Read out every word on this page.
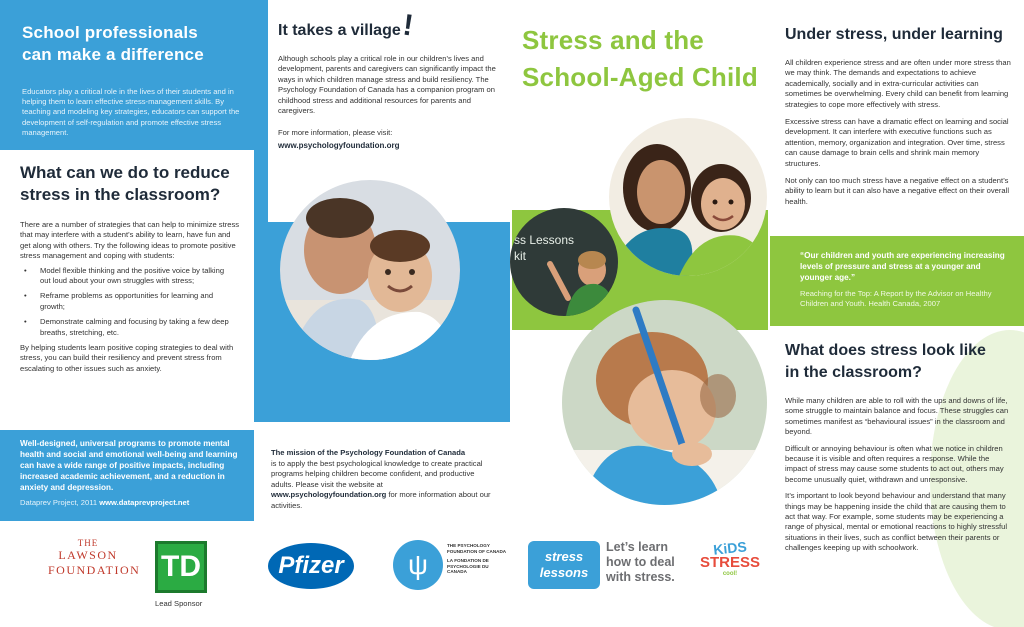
School professionals
can make a difference

Educators play a critical role in the lives of their students and in helping them to learn effective stress-management skills. By teaching and modeling key strategies, educators can support the development of self-regulation and promote effective stress management.

What can we do to reduce
stress in the classroom?

There are a number of strategies that can help to minimize stress that may interfere with a student’s ability to learn, have fun and get along with others. Try the following ideas to promote positive stress management and coping with students:

• Model flexible thinking and the positive voice by talking out loud about your own struggles with stress;
• Reframe problems as opportunities for learning and growth;
• Demonstrate calming and focusing by taking a few deep breaths, stretching, etc.

By helping students learn positive coping strategies to deal with stress, you can build their resiliency and prevent stress from escalating to other issues such as anxiety.

Well-designed, universal programs to promote mental health and social and emotional well-being and learning can have a wide range of positive impacts, including increased academic achievement, and a reduction in anxiety and depression.

Dataprev Project, 2011 www.dataprevproject.net

It takes a village!

Although schools play a critical role in our children’s lives and development, parents and caregivers can significantly impact the ways in which children manage stress and build resiliency. The Psychology Foundation of Canada has a companion program on childhood stress and additional resources for parents and caregivers.

For more information, please visit:

www.psychologyfoundation.org

The mission of the Psychology Foundation of Canada
is to apply the best psychological knowledge to create practical programs helping children become confident, and productive adults. Please visit the website at www.psychologyfoundation.org for more information about our activities.

Stress and the
School-Aged Child
ss Lessons
kit
Under stress, under learning

All children experience stress and are often under more stress than we may think. The demands and expectations to achieve academically, socially and in extra-curricular activities can sometimes be overwhelming. Every child can benefit from learning strategies to cope more effectively with stress.

Excessive stress can have a dramatic effect on learning and social development. It can interfere with executive functions such as attention, memory, organization and integration. Over time, stress can cause damage to brain cells and shrink main memory structures.

Not only can too much stress have a negative effect on a student’s ability to learn but it can also have a negative effect on their overall health.

“Our children and youth are experiencing increasing levels of pressure and stress at a younger and younger age.”

Reaching for the Top: A Report by the Advisor on Healthy Children and Youth. Health Canada, 2007

What does stress look like
in the classroom?

While many children are able to roll with the ups and downs of life, some struggle to maintain balance and focus. These struggles can sometimes manifest as “behavioural issues” in the classroom and beyond.

Difficult or annoying behaviour is often what we notice in children because it is visible and often requires a response. While the impact of stress may cause some students to act out, others may become unusually quiet, withdrawn and unresponsive.

It’s important to look beyond behaviour and understand that many things may be happening inside the child that are causing them to act that way. For example, some students may be experiencing a range of physical, mental or emotional reactions to highly stressful situations in their lives, such as conflict between their parents or challenges keeping up with schoolwork.

THE
LAWSON
FOUNDATION TD
Lead Sponsor
Pfizer	ψ
THE PSYCHOLOGY FOUNDATION OF CANADA
LA FONDATION DE PSYCHOLOGIE DU CANADA
stress
lessons
Let’s learn
how to deal
with stress.
KiDS
STRESS
cool!
